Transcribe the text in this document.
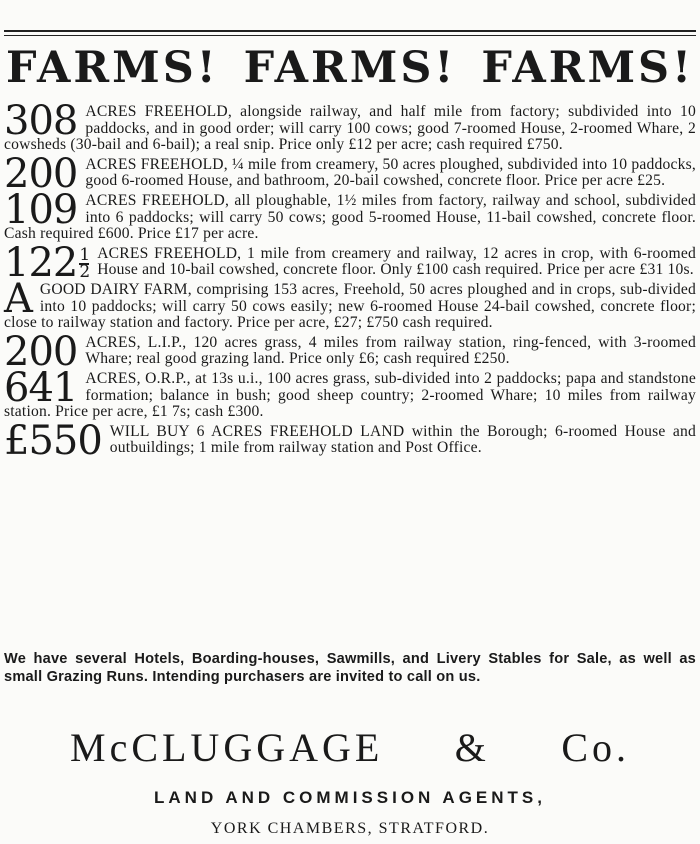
FARMS! FARMS! FARMS!

308 ACRES FREEHOLD, alongside railway, and half mile from factory; subdivided into 10 paddocks, and in good order; will carry 100 cows; good 7-roomed House, 2-roomed Whare, 2 cowsheds (30-bail and 6-bail); a real snip. Price only £12 per acre; cash required £750.

200 ACRES FREEHOLD, ¼ mile from creamery, 50 acres ploughed, subdivided into 10 paddocks, good 6-roomed House, and bathroom, 20-bail cowshed, concrete floor. Price per acre £25.

109 ACRES FREEHOLD, all ploughable, 1½ miles from factory, railway and school, subdivided into 6 paddocks; will carry 50 cows; good 5-roomed House, 11-bail cowshed, concrete floor. Cash required £600. Price £17 per acre.

$122 \frac{1}{2}$ ACRES FREEHOLD, 1 mile from creamery and railway, 12 acres in crop, with 6-roomed House and 10-bail cowshed, concrete floor. Only £100 cash required. Price per acre £31 10s.

A GOOD DAIRY FARM, comprising 153 acres, Freehold, 50 acres ploughed and in crops, sub-divided into 10 paddocks; will carry 50 cows easily; new 6-roomed House 24-bail cowshed, concrete floor; close to railway station and factory. Price per acre, £27; £750 cash required.

200 ACRES, L.I.P., 120 acres grass, 4 miles from railway station, ring-fenced, with 3-roomed Whare; real good grazing land. Price only £6; cash required £250.

641 ACRES, O.R.P., at 13s u.i., 100 acres grass, sub-divided into 2 paddocks; papa and standstone formation; balance in bush; good sheep country; 2-roomed Whare; 10 miles from railway station. Price per acre, £1 7s; cash £300.

£550 WILL BUY 6 ACRES FREEHOLD LAND within the Borough; 6-roomed House and outbuildings; 1 mile from railway station and Post Office.

We have several Hotels, Boarding-houses, Sawmills, and Livery Stables for Sale, as well as small Grazing Runs. Intending purchasers are invited to call on us.
McCLUGGAGE & Co.
LAND AND COMMISSION AGENTS,
YORK CHAMBERS, STRATFORD.
